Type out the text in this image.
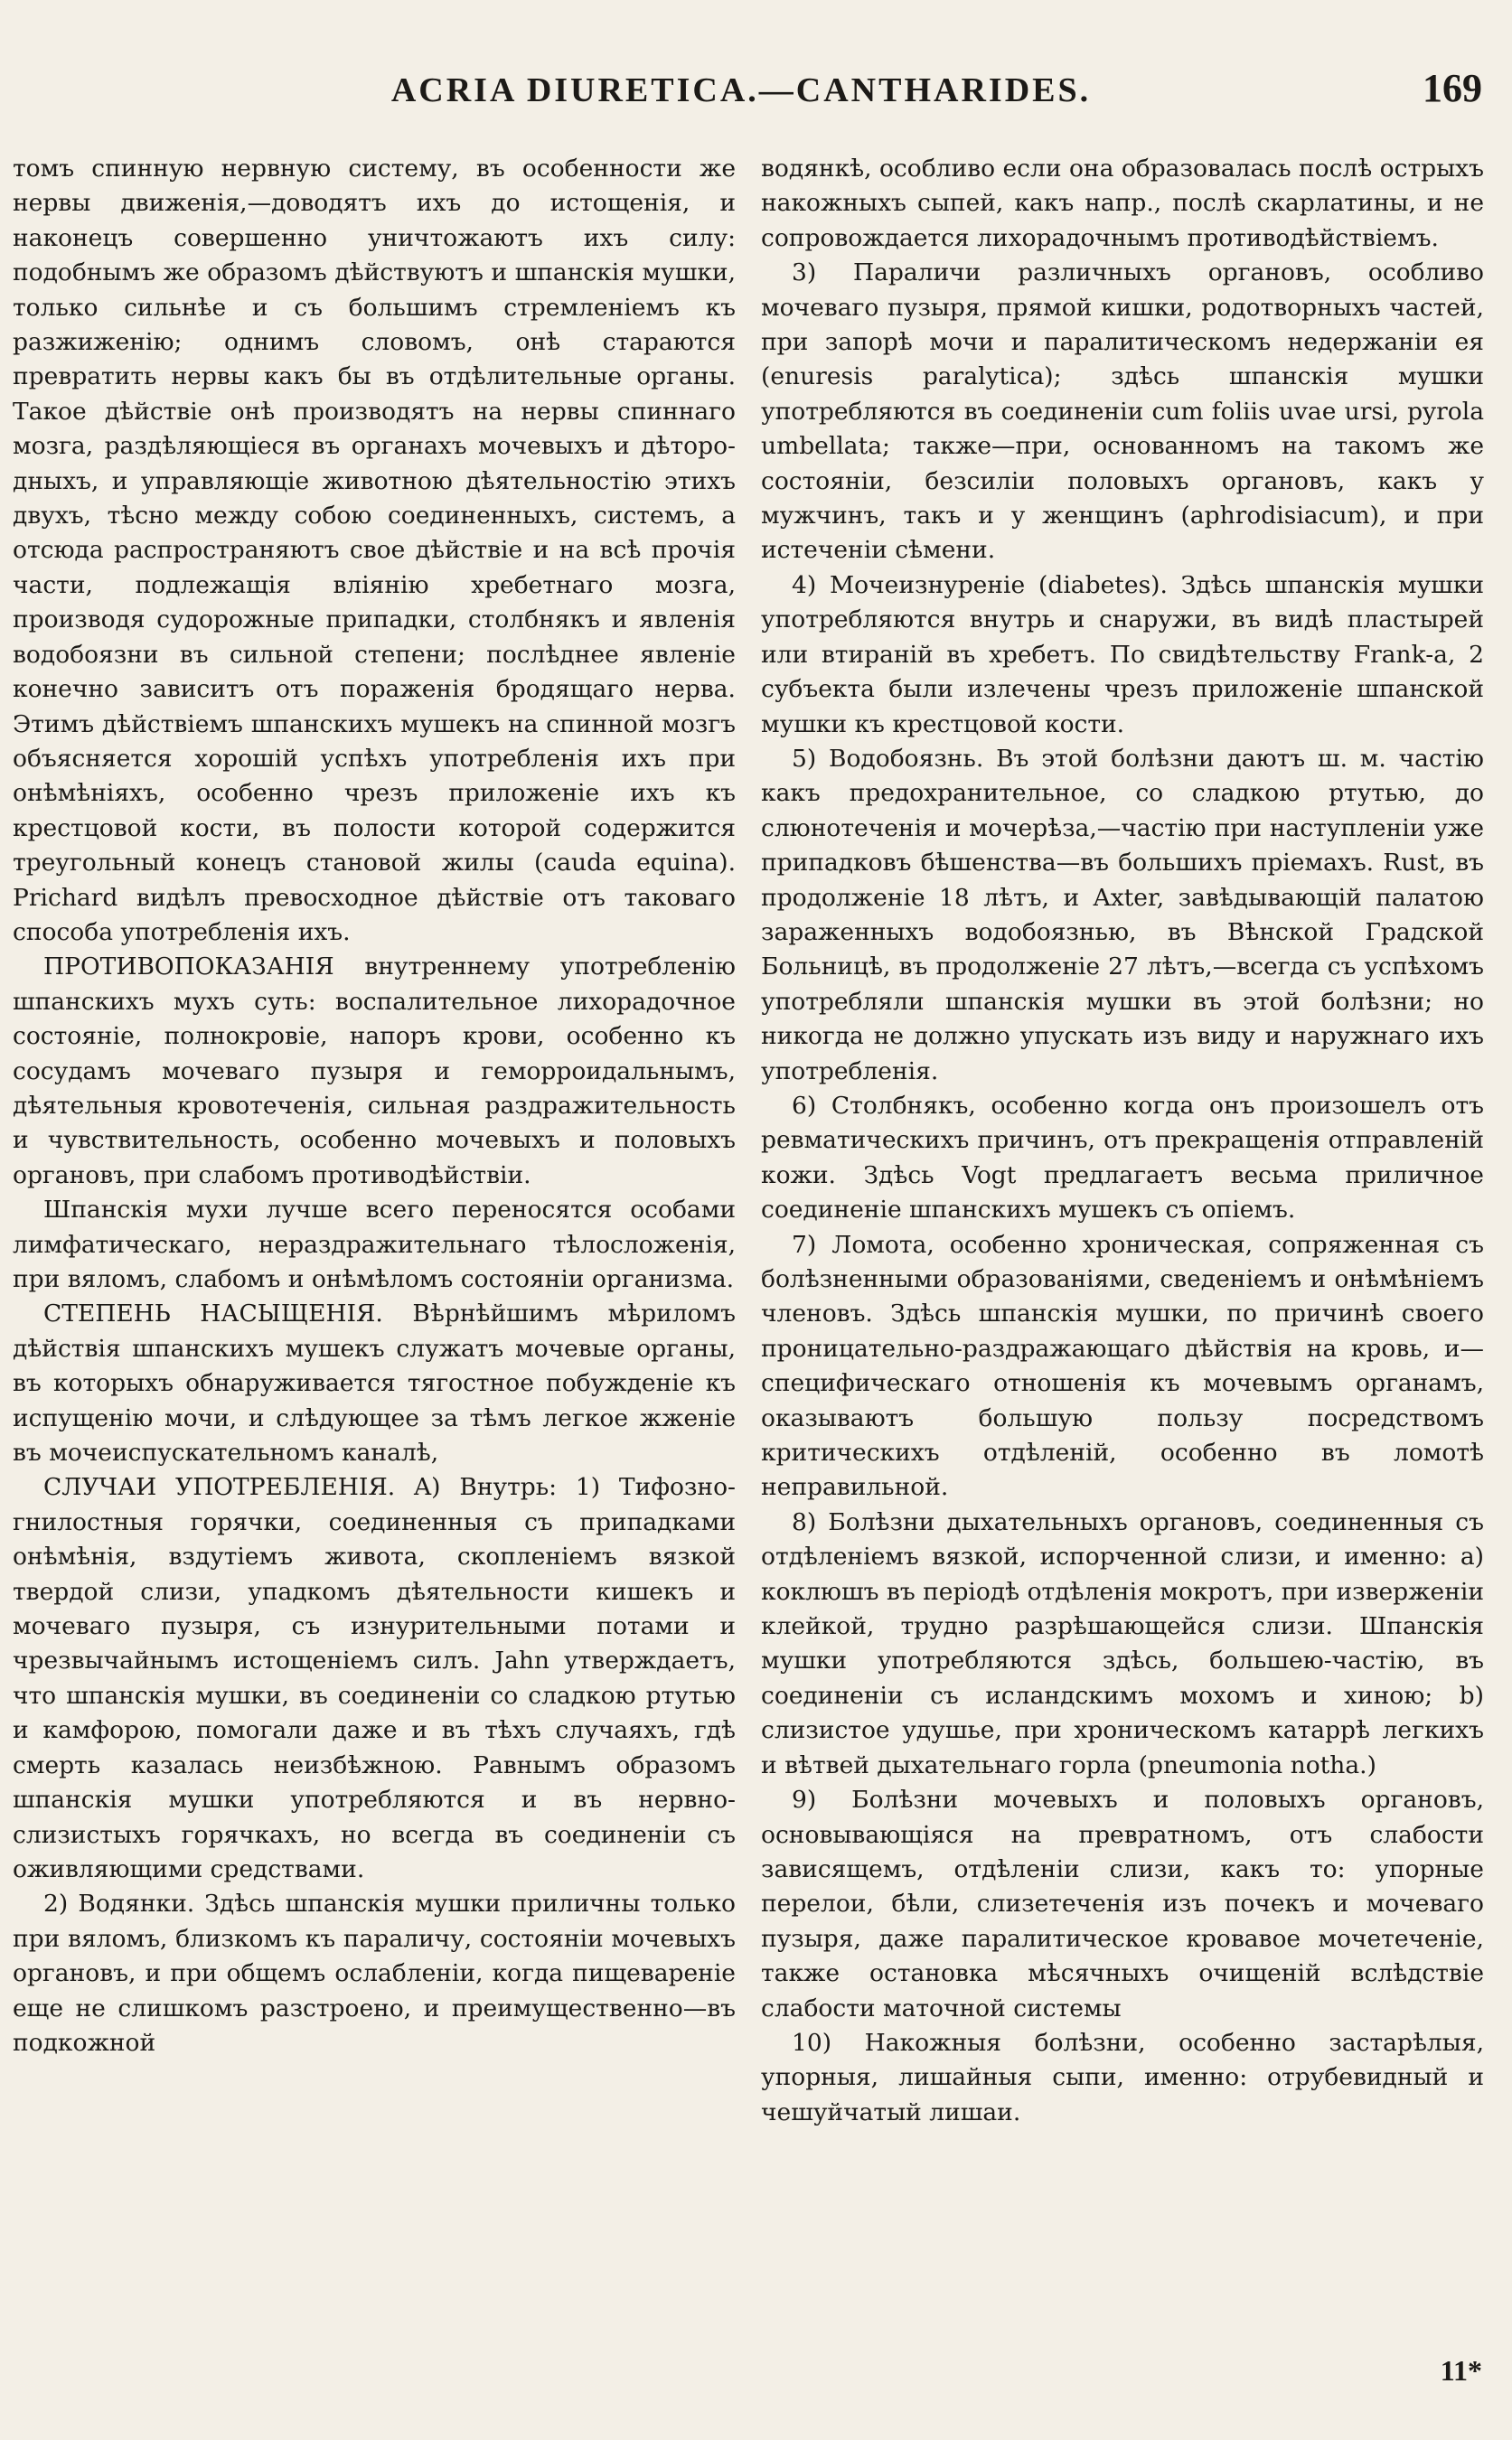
ACRIA DIURETICA.—CANTHARIDES.	169

томъ спинную нервную систему, въ особенности же нервы движенія,—доводятъ ихъ до истощенія, и наконецъ совершенно уничтожаютъ ихъ силу: подобнымъ же образомъ дѣйствуютъ и шпанскія мушки, только сильнѣе и съ большимъ стремленіемъ къ разжиженію; однимъ словомъ, онѣ стараются превратить нервы какъ бы въ отдѣлительные органы. Такое дѣйствіе онѣ производятъ на нервы спиннаго мозга, раздѣляющіеся въ органахъ мочевыхъ и дѣтородныхъ, и управляющіе животною дѣятельностію этихъ двухъ, тѣсно между собою соединенныхъ, системъ, а отсюда распространяютъ свое дѣйствіе и на всѣ прочія части, подлежащія вліянію хребетнаго мозга, производя судорожные припадки, столбнякъ и явленія водобоязни въ сильной степени; послѣднее явленіе конечно зависитъ отъ пораженія бродящаго нерва. Этимъ дѣйствіемъ шпанскихъ мушекъ на спинной мозгъ объясняется хорошій успѣхъ употребленія ихъ при онѣмѣніяхъ, особенно чрезъ приложеніе ихъ къ крестцовой кости, въ полости которой содержится треугольный конецъ становой жилы (cauda equina). Prichard видѣлъ превосходное дѣйствіе отъ таковаго способа употребленія ихъ.

ПРОТИВОПОКАЗАНІЯ внутреннему употребленію шпанскихъ мухъ суть: воспалительное лихорадочное состояніе, полнокровіе, напоръ крови, особенно къ сосудамъ мочеваго пузыря и геморроидальнымъ, дѣятельныя кровотеченія, сильная раздражительность и чувствительность, особенно мочевыхъ и половыхъ органовъ, при слабомъ противодѣйствіи.

Шпанскія мухи лучше всего переносятся особами лимфатическаго, нераздражительнаго тѣлосложенія, при вяломъ, слабомъ и онѣмѣломъ состояніи организма.

СТЕПЕНЬ НАСЫЩЕНІЯ. Вѣрнѣйшимъ мѣриломъ дѣйствія шпанскихъ мушекъ служатъ мочевые органы, въ которыхъ обнаруживается тягостное побужденіе къ испущенію мочи, и слѣдующее за тѣмъ легкое жженіе въ мочеиспускательномъ каналѣ,

СЛУЧАИ УПОТРЕБЛЕНІЯ. A) Внутрь: 1) Тифозно-гнилостныя горячки, соединенныя съ припадками онѣмѣнія, вздутіемъ живота, скопленіемъ вязкой твердой слизи, упадкомъ дѣятельности кишекъ и мочеваго пузыря, съ изнурительными потами и чрезвычайнымъ истощеніемъ силъ. Jahn утверждаетъ, что шпанскія мушки, въ соединеніи со сладкою ртутью и камфорою, помогали даже и въ тѣхъ случаяхъ, гдѣ смерть казалась неизбѣжною. Равнымъ образомъ шпанскія мушки употребляются и въ нервно-слизистыхъ горячкахъ, но всегда въ соединеніи съ оживляющими средствами.

2) Водянки. Здѣсь шпанскія мушки приличны только при вяломъ, близкомъ къ параличу, состояніи мочевыхъ органовъ, и при общемъ ослабленіи, когда пищевареніе еще не слишкомъ разстроено, и преимущественно—въ подкожной

водянкѣ, особливо если она образовалась послѣ острыхъ накожныхъ сыпей, какъ напр., послѣ скарлатины, и не сопровождается лихорадочнымъ противодѣйствіемъ.

3) Параличи различныхъ органовъ, особливо мочеваго пузыря, прямой кишки, родотворныхъ частей, при запорѣ мочи и паралитическомъ недержаніи ея (enuresis paralytica); здѣсь шпанскія мушки употребляются въ соединеніи cum foliis uvae ursi, pyrola umbellata; также—при, основанномъ на такомъ же состояніи, безсиліи половыхъ органовъ, какъ у мужчинъ, такъ и у женщинъ (aphrodisiacum), и при истеченіи сѣмени.

4) Мочеизнуреніе (diabetes). Здѣсь шпанскія мушки употребляются внутрь и снаружи, въ видѣ пластырей или втираній въ хребетъ. По свидѣтельству Frank-a, 2 субъекта были излечены чрезъ приложеніе шпанской мушки къ крестцовой кости.

5) Водобоязнь. Въ этой болѣзни даютъ ш. м. частію какъ предохранительное, со сладкою ртутью, до слюнотеченія и мочерѣза,—частію при наступленіи уже припадковъ бѣшенства—въ большихъ пріемахъ. Rust, въ продолженіе 18 лѣтъ, и Axter, завѣдывающій палатою зараженныхъ водобоязнью, въ Вѣнской Градской Больницѣ, въ продолженіе 27 лѣтъ,—всегда съ успѣхомъ употребляли шпанскія мушки въ этой болѣзни; но никогда не должно упускать изъ виду и наружнаго ихъ употребленія.

6) Столбнякъ, особенно когда онъ произошелъ отъ ревматическихъ причинъ, отъ прекращенія отправленій кожи. Здѣсь Vogt предлагаетъ весьма приличное соединеніе шпанскихъ мушекъ съ опіемъ.

7) Ломота, особенно хроническая, сопряженная съ болѣзненными образованіями, сведеніемъ и онѣмѣніемъ членовъ. Здѣсь шпанскія мушки, по причинѣ своего проницательно-раздражающаго дѣйствія на кровь, и—специфическаго отношенія къ мочевымъ органамъ, оказываютъ большую пользу посредствомъ критическихъ отдѣленій, особенно въ ломотѣ неправильной.

8) Болѣзни дыхательныхъ органовъ, соединенныя съ отдѣленіемъ вязкой, испорченной слизи, и именно: a) коклюшъ въ періодѣ отдѣленія мокротъ, при изверженіи клейкой, трудно разрѣшающейся слизи. Шпанскія мушки употребляются здѣсь, большею-частію, въ соединеніи съ исландскимъ мохомъ и хиною; b) слизистое удушье, при хроническомъ катаррѣ легкихъ и вѣтвей дыхательнаго горла (pneumonia notha.)

9) Болѣзни мочевыхъ и половыхъ органовъ, основывающіяся на превратномъ, отъ слабости зависящемъ, отдѣленіи слизи, какъ то: упорные перелои, бѣли, слизетеченія изъ почекъ и мочеваго пузыря, даже паралитическое кровавое мочетеченіе, также остановка мѣсячныхъ очищеній вслѣдствіе слабости маточной системы

10) Накожныя болѣзни, особенно застарѣлыя, упорныя, лишайныя сыпи, именно: отрубевидный и чешуйчатый лишаи.

11*
